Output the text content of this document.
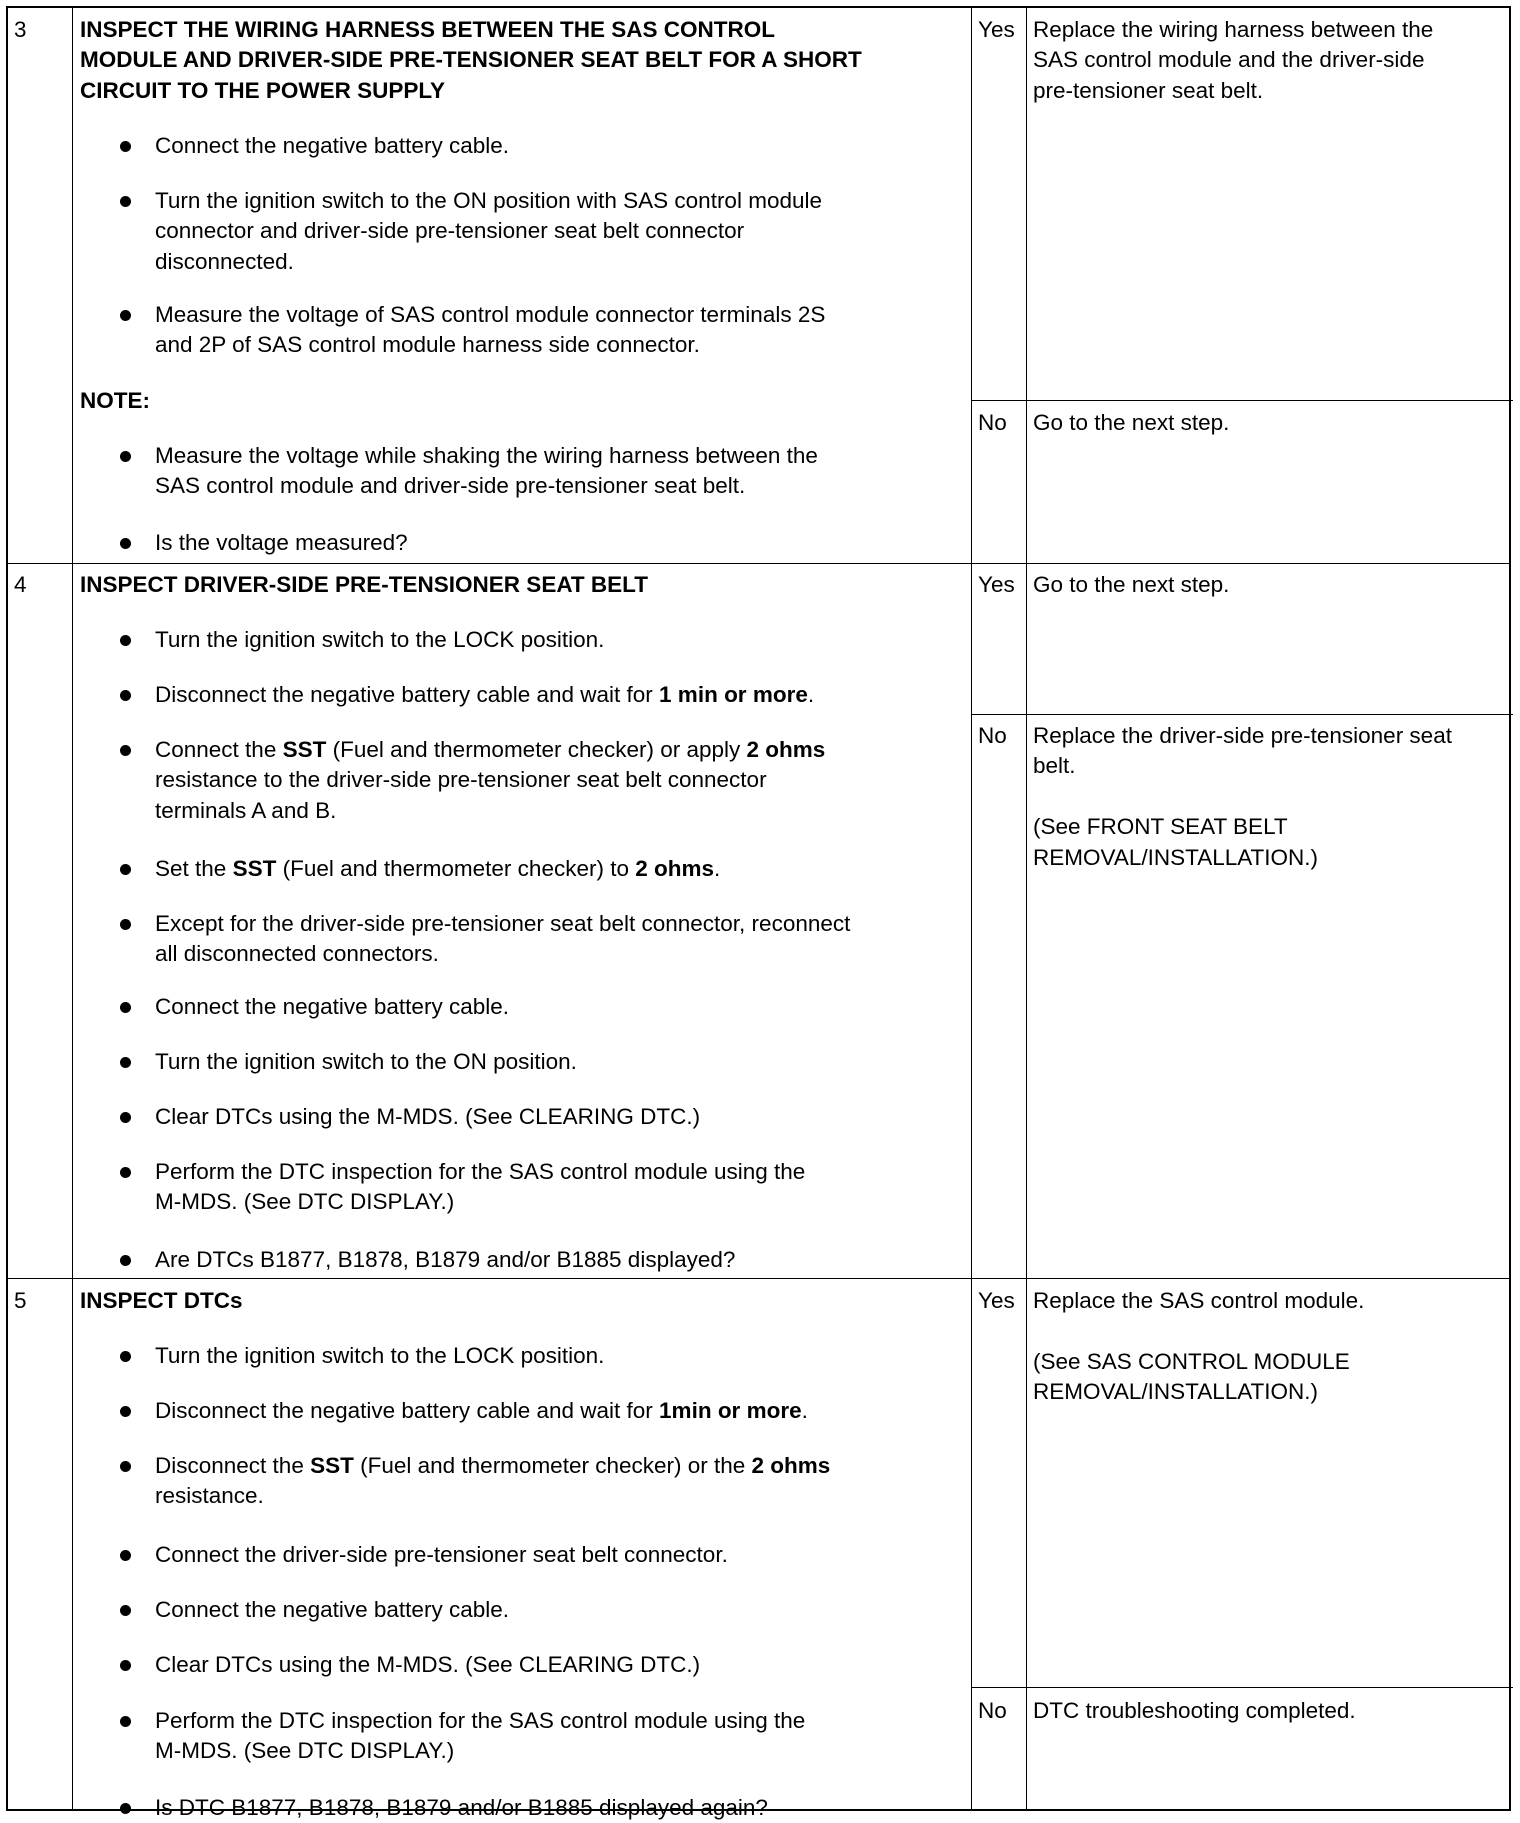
3 INSPECT THE WIRING HARNESS BETWEEN THE SAS CONTROL
MODULE AND DRIVER-SIDE PRE-TENSIONER SEAT BELT FOR A SHORT
CIRCUIT TO THE POWER SUPPLY
Connect the negative battery cable.
Turn the ignition switch to the ON position with SAS control module
connector and driver-side pre-tensioner seat belt connector
disconnected.
Measure the voltage of SAS control module connector terminals 2S
and 2P of SAS control module harness side connector.
NOTE:
Measure the voltage while shaking the wiring harness between the
SAS control module and driver-side pre-tensioner seat belt.
Is the voltage measured?
Yes Replace the wiring harness between the
SAS control module and the driver-side
pre-tensioner seat belt.
No Go to the next step.
4 INSPECT DRIVER-SIDE PRE-TENSIONER SEAT BELT
Turn the ignition switch to the LOCK position.
Disconnect the negative battery cable and wait for 1 min or more.
Connect the SST (Fuel and thermometer checker) or apply 2 ohms
resistance to the driver-side pre-tensioner seat belt connector
terminals A and B.
Set the SST (Fuel and thermometer checker) to 2 ohms.
Except for the driver-side pre-tensioner seat belt connector, reconnect
all disconnected connectors.
Connect the negative battery cable.
Turn the ignition switch to the ON position.
Clear DTCs using the M-MDS. (See CLEARING DTC.)
Perform the DTC inspection for the SAS control module using the
M-MDS. (See DTC DISPLAY.)
Are DTCs B1877, B1878, B1879 and/or B1885 displayed?
Yes Go to the next step.
No Replace the driver-side pre-tensioner seat
belt.
(See FRONT SEAT BELT
REMOVAL/INSTALLATION.)
5 INSPECT DTCs
Turn the ignition switch to the LOCK position.
Disconnect the negative battery cable and wait for 1min or more.
Disconnect the SST (Fuel and thermometer checker) or the 2 ohms
resistance.
Connect the driver-side pre-tensioner seat belt connector.
Connect the negative battery cable.
Clear DTCs using the M-MDS. (See CLEARING DTC.)
Perform the DTC inspection for the SAS control module using the
M-MDS. (See DTC DISPLAY.)
Is DTC B1877, B1878, B1879 and/or B1885 displayed again?
Yes Replace the SAS control module.
(See SAS CONTROL MODULE
REMOVAL/INSTALLATION.)
No DTC troubleshooting completed.
